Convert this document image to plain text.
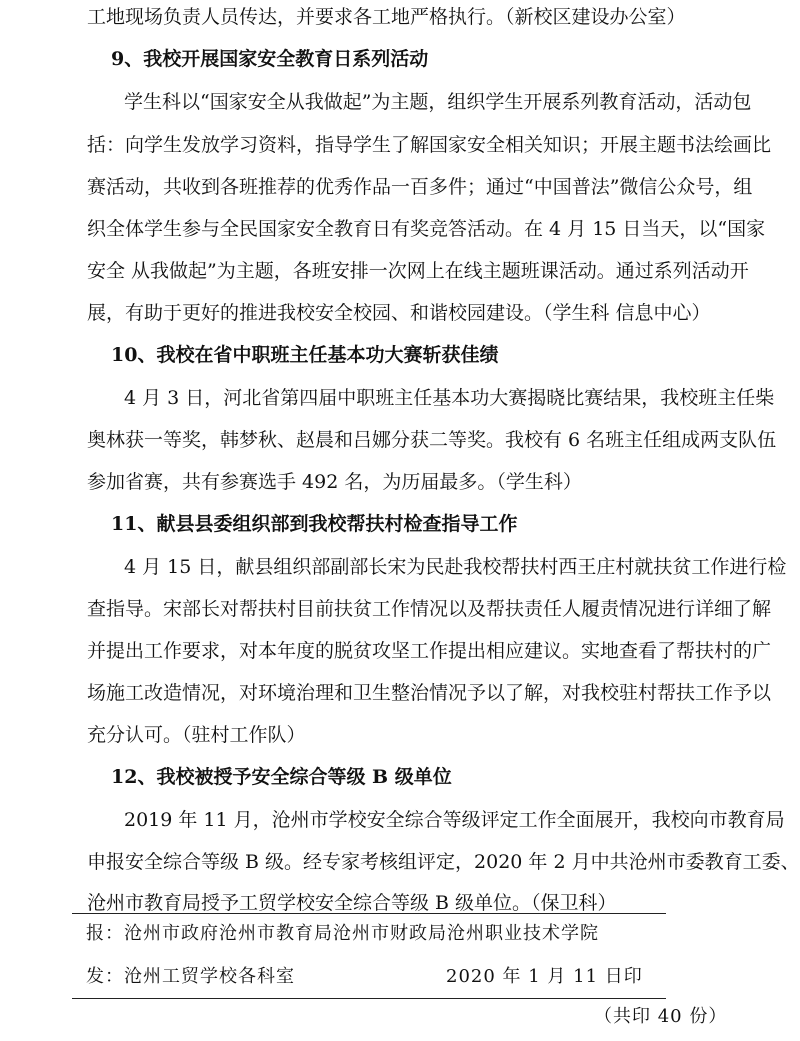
工地现场负责人员传达，并要求各工地严格执行。（新校区建设办公室）
9、我校开展国家安全教育日系列活动
学生科以“国家安全从我做起”为主题，组织学生开展系列教育活动，活动包
括：向学生发放学习资料，指导学生了解国家安全相关知识；开展主题书法绘画比
赛活动，共收到各班推荐的优秀作品一百多件；通过“中国普法”微信公众号，组
织全体学生参与全民国家安全教育日有奖竞答活动。在 4 月 15 日当天，以“国家
安全 从我做起”为主题，各班安排一次网上在线主题班课活动。通过系列活动开
展，有助于更好的推进我校安全校园、和谐校园建设。（学生科 信息中心）
10、我校在省中职班主任基本功大赛斩获佳绩
4 月 3 日，河北省第四届中职班主任基本功大赛揭晓比赛结果，我校班主任柴
奥林获一等奖，韩梦秋、赵晨和吕娜分获二等奖。我校有 6 名班主任组成两支队伍
参加省赛，共有参赛选手 492 名，为历届最多。（学生科）
11、献县县委组织部到我校帮扶村检查指导工作
4 月 15 日，献县组织部副部长宋为民赴我校帮扶村西王庄村就扶贫工作进行检
查指导。宋部长对帮扶村目前扶贫工作情况以及帮扶责任人履责情况进行详细了解
并提出工作要求，对本年度的脱贫攻坚工作提出相应建议。实地查看了帮扶村的广
场施工改造情况，对环境治理和卫生整治情况予以了解，对我校驻村帮扶工作予以
充分认可。（驻村工作队）
12、我校被授予安全综合等级 B 级单位
2019 年 11 月，沧州市学校安全综合等级评定工作全面展开，我校向市教育局
申报安全综合等级 B 级。经专家考核组评定，2020 年 2 月中共沧州市委教育工委、
沧州市教育局授予工贸学校安全综合等级 B 级单位。（保卫科）
报：沧州市政府沧州市教育局沧州市财政局沧州职业技术学院
发：沧州工贸学校各科室	2020 年 1 月 11 日印
（共印 40 份）
